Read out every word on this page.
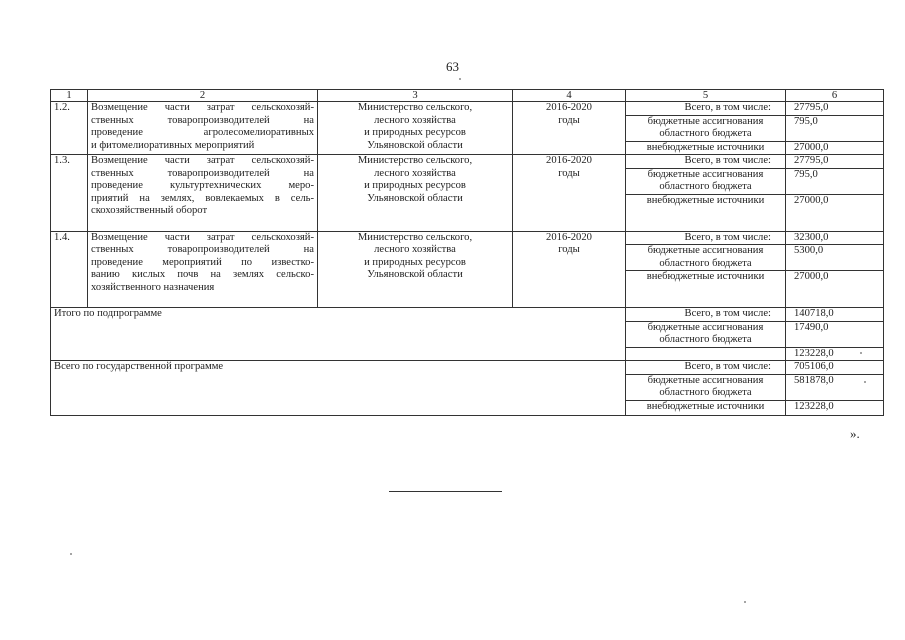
63
1	2	3	4	5	6
1.2.	Возмещение части затрат сельскохозяй-
ственных товаропроизводителей на
проведение агролесомелиоративных
и фитомелиоративных мероприятий	Министерство сельского,
лесного хозяйства
и природных ресурсов
Ульяновской области	2016-2020
годы	Всего, в том числе:	27795,0

				бюджетные ассигнования
областного бюджета	795,0
				внебюджетные источники	27000,0
1.3.	Возмещение части затрат сельскохозяй-
ственных товаропроизводителей на
проведение культуртехнических меро-
приятий на землях, вовлекаемых в сель-
скохозяйственный оборот	Министерство сельского,
лесного хозяйства
и природных ресурсов
Ульяновской области	2016-2020
годы	Всего, в том числе:	27795,0

				бюджетные ассигнования
областного бюджета	795,0
				внебюджетные источники	27000,0
1.4.	Возмещение части затрат сельскохозяй-
ственных товаропроизводителей на
проведение мероприятий по известко-
ванию кислых почв на землях сельско-
хозяйственного назначения	Министерство сельского,
лесного хозяйства
и природных ресурсов
Ульяновской области	2016-2020
годы	Всего, в том числе:	32300,0

				бюджетные ассигнования
областного бюджета	5300,0
				внебюджетные источники	27000,0
Итого по подпрограмме				Всего, в том числе:	140718,0

				бюджетные ассигнования
областного бюджета	17490,0
					123228,0
Всего по государственной программе				Всего, в том числе:	705106,0

				бюджетные ассигнования
областного бюджета	581878,0
				внебюджетные источники	123228,0
».
